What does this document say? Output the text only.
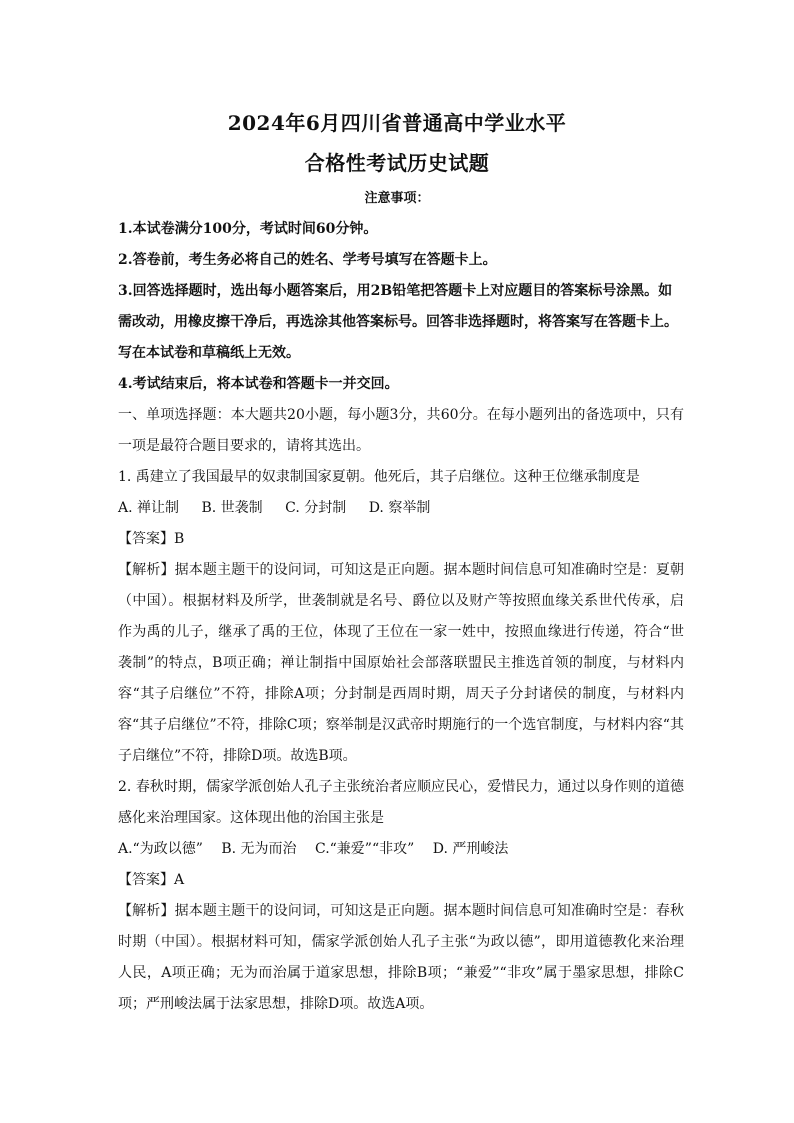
2024年6月四川省普通高中学业水平
合格性考试历史试题
注意事项：

1.本试卷满分100分，考试时间60分钟。

2.答卷前，考生务必将自己的姓名、学考号填写在答题卡上。

3.回答选择题时，选出每小题答案后，用2B铅笔把答题卡上对应题目的答案标号涂黑。如需改动，用橡皮擦干净后，再选涂其他答案标号。回答非选择题时，将答案写在答题卡上。写在本试卷和草稿纸上无效。

4.考试结束后，将本试卷和答题卡一并交回。

一、单项选择题：本大题共20小题，每小题3分，共60分。在每小题列出的备选项中，只有一项是最符合题目要求的，请将其选出。

1. 禹建立了我国最早的奴隶制国家夏朝。他死后，其子启继位。这种王位继承制度是

A. 禅让制 B. 世袭制 C. 分封制 D. 察举制

【答案】B

【解析】据本题主题干的设问词，可知这是正向题。据本题时间信息可知准确时空是：夏朝（中国）。根据材料及所学，世袭制就是名号、爵位以及财产等按照血缘关系世代传承，启作为禹的儿子，继承了禹的王位，体现了王位在一家一姓中，按照血缘进行传递，符合“世袭制”的特点，B项正确；禅让制指中国原始社会部落联盟民主推选首领的制度，与材料内容“其子启继位”不符，排除A项；分封制是西周时期，周天子分封诸侯的制度，与材料内容“其子启继位”不符，排除C项；察举制是汉武帝时期施行的一个选官制度，与材料内容“其子启继位”不符，排除D项。故选B项。

2. 春秋时期，儒家学派创始人孔子主张统治者应顺应民心，爱惜民力，通过以身作则的道德感化来治理国家。这体现出他的治国主张是

A.“为政以德” B. 无为而治 C.“兼爱”“非攻” D. 严刑峻法

【答案】A

【解析】据本题主题干的设问词，可知这是正向题。据本题时间信息可知准确时空是：春秋时期（中国）。根据材料可知，儒家学派创始人孔子主张“为政以德”，即用道德教化来治理人民，A项正确；无为而治属于道家思想，排除B项；“兼爱”“非攻”属于墨家思想，排除C项；严刑峻法属于法家思想，排除D项。故选A项。
